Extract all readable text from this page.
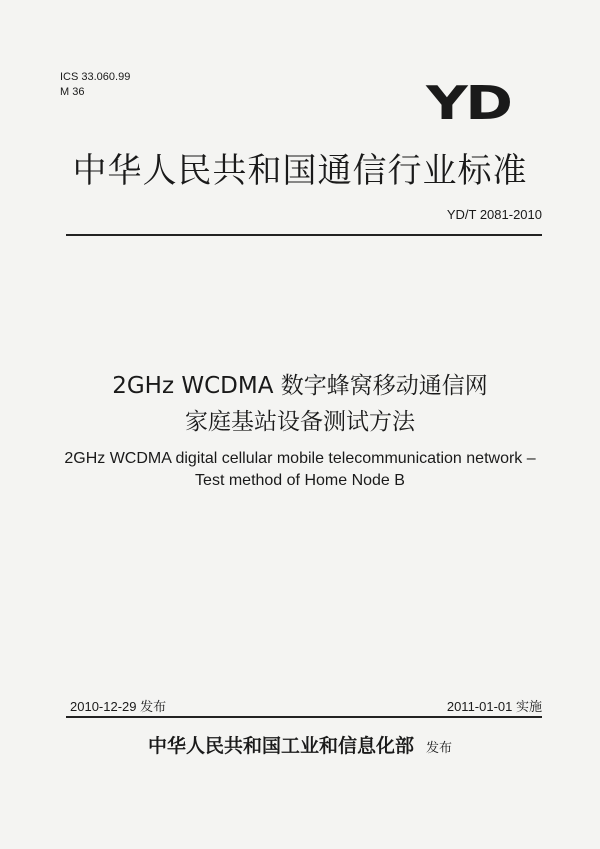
ICS 33.060.99
M 36	YD
中华人民共和国通信行业标准
YD/T 2081-2010
2GHz WCDMA 数字蜂窝移动通信网
家庭基站设备测试方法
2GHz WCDMA digital cellular mobile telecommunication network –
Test method of Home Node B
2010-12-29 发布	2011-01-01 实施
中华人民共和国工业和信息化部 发布
